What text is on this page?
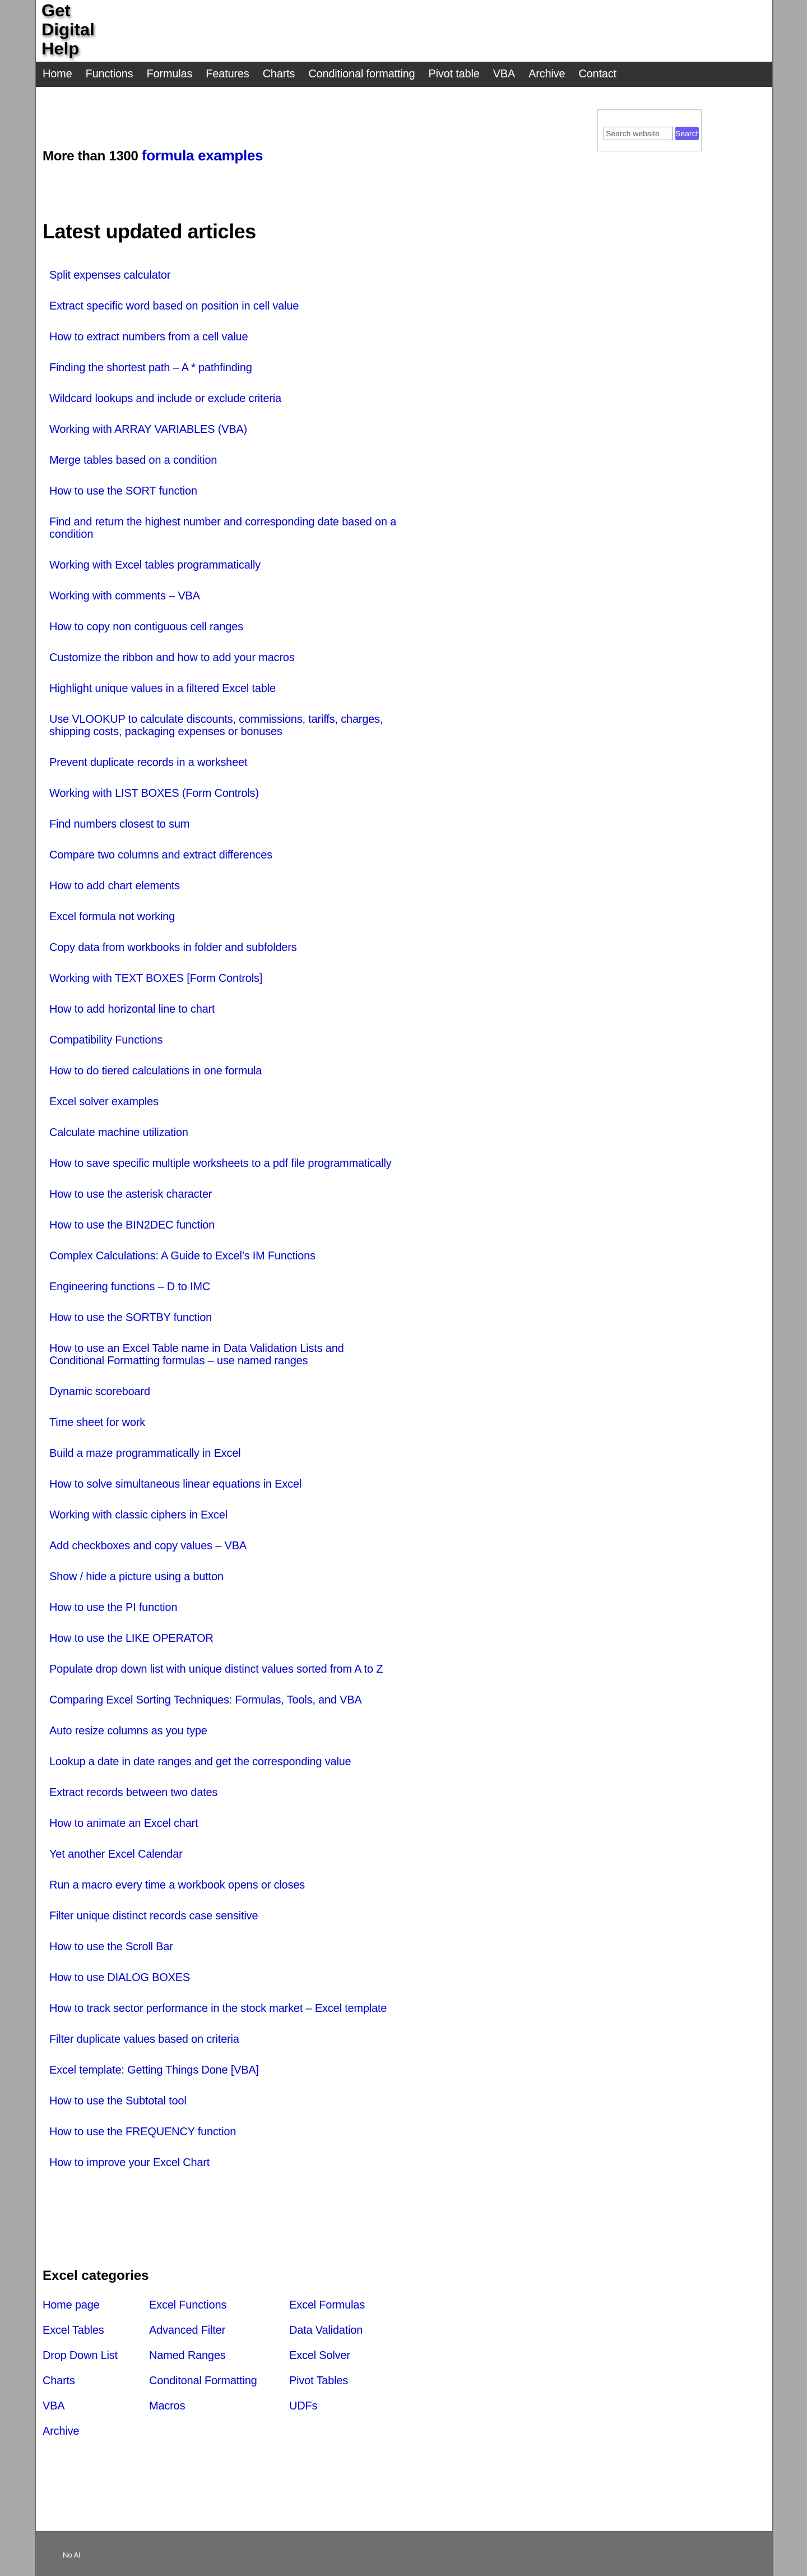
Get
Digital
Help
Home Functions Formulas Features Charts Conditional formatting Pivot table VBA Archive Contact
Search website
Search
More than 1300 formula examples
Latest updated articles
Split expenses calculator
Extract specific word based on position in cell value
How to extract numbers from a cell value
Finding the shortest path – A * pathfinding
Wildcard lookups and include or exclude criteria
Working with ARRAY VARIABLES (VBA)
Merge tables based on a condition
How to use the SORT function
Find and return the highest number and corresponding date based on a condition
Working with Excel tables programmatically
Working with comments – VBA
How to copy non contiguous cell ranges
Customize the ribbon and how to add your macros
Highlight unique values in a filtered Excel table
Use VLOOKUP to calculate discounts, commissions, tariffs, charges, shipping costs, packaging expenses or bonuses
Prevent duplicate records in a worksheet
Working with LIST BOXES (Form Controls)
Find numbers closest to sum
Compare two columns and extract differences
How to add chart elements
Excel formula not working
Copy data from workbooks in folder and subfolders
Working with TEXT BOXES [Form Controls]
How to add horizontal line to chart
Compatibility Functions
How to do tiered calculations in one formula
Excel solver examples
Calculate machine utilization
How to save specific multiple worksheets to a pdf file programmatically
How to use the asterisk character
How to use the BIN2DEC function
Complex Calculations: A Guide to Excel’s IM Functions
Engineering functions – D to IMC
How to use the SORTBY function
How to use an Excel Table name in Data Validation Lists and Conditional Formatting formulas – use named ranges
Dynamic scoreboard
Time sheet for work
Build a maze programmatically in Excel
How to solve simultaneous linear equations in Excel
Working with classic ciphers in Excel
Add checkboxes and copy values – VBA
Show / hide a picture using a button
How to use the PI function
How to use the LIKE OPERATOR
Populate drop down list with unique distinct values sorted from A to Z
Comparing Excel Sorting Techniques: Formulas, Tools, and VBA
Auto resize columns as you type
Lookup a date in date ranges and get the corresponding value
Extract records between two dates
How to animate an Excel chart
Yet another Excel Calendar
Run a macro every time a workbook opens or closes
Filter unique distinct records case sensitive
How to use the Scroll Bar
How to use DIALOG BOXES
How to track sector performance in the stock market – Excel template
Filter duplicate values based on criteria
Excel template: Getting Things Done [VBA]
How to use the Subtotal tool
How to use the FREQUENCY function
How to improve your Excel Chart
Excel categories
Home page	Excel Functions	Excel Formulas
Excel Tables	Advanced Filter	Data Validation
Drop Down List	Named Ranges	Excel Solver
Charts	Conditonal Formatting	Pivot Tables
VBA	Macros	UDFs
Archive
No AI
